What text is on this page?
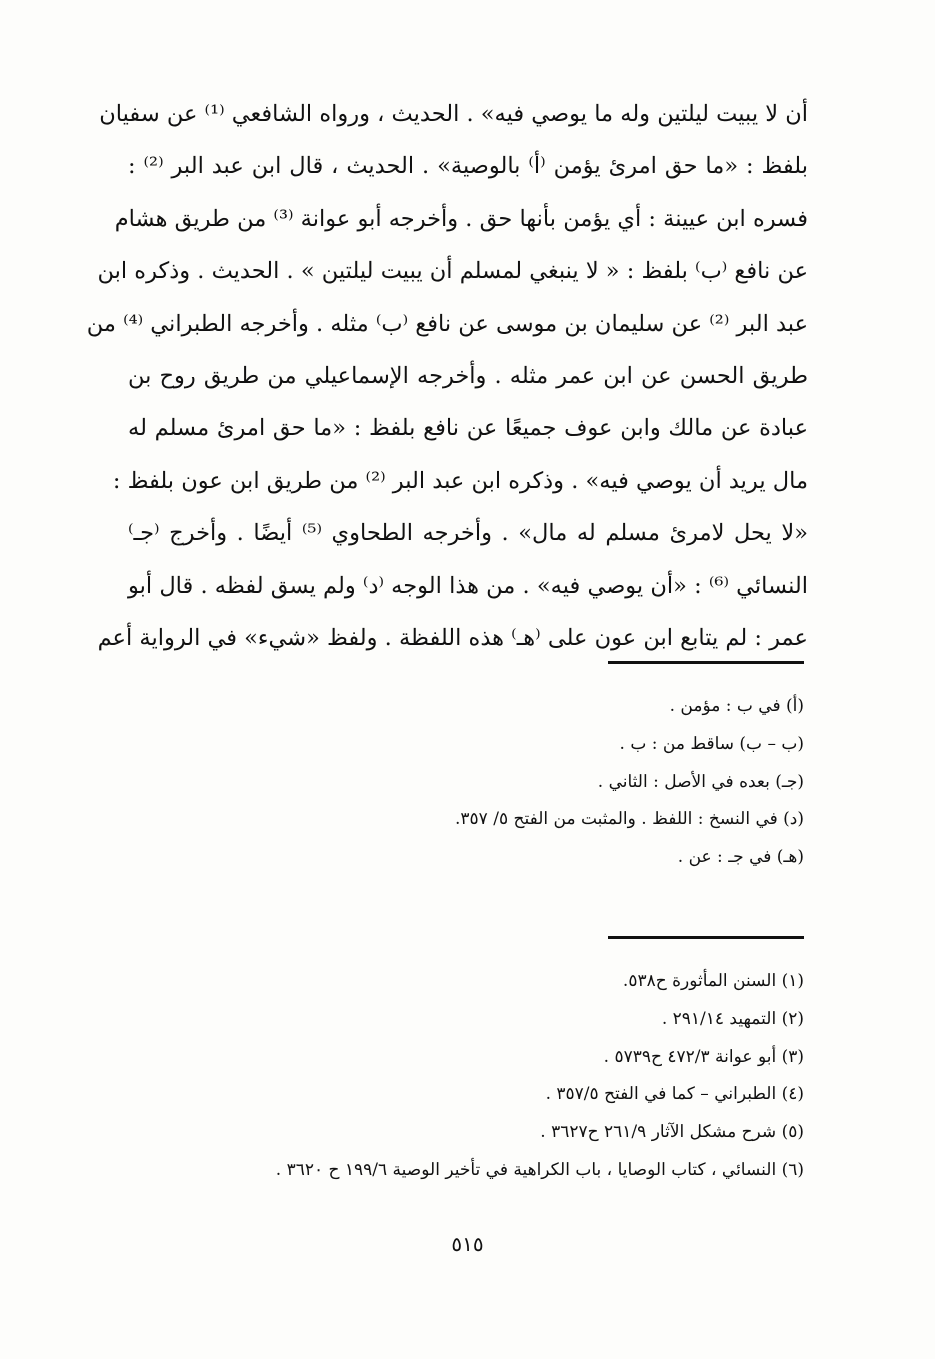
أن لا يبيت ليلتين وله ما يوصي فيه» . الحديث ، ورواه الشافعي ⁽¹⁾ عن سفيان
بلفظ : «ما حق امرئ يؤمن ⁽أ⁾ بالوصية» . الحديث ، قال ابن عبد البر ⁽²⁾ :
فسره ابن عيينة : أي يؤمن بأنها حق . وأخرجه أبو عوانة ⁽³⁾ من طريق هشام
عن نافع ⁽ب⁾ بلفظ : « لا ينبغي لمسلم أن يبيت ليلتين » . الحديث . وذكره ابن
عبد البر ⁽²⁾ عن سليمان بن موسى عن نافع ⁽ب⁾ مثله . وأخرجه الطبراني ⁽⁴⁾ من
طريق الحسن عن ابن عمر مثله . وأخرجه الإسماعيلي من طريق روح بن
عبادة عن مالك وابن عوف جميعًا عن نافع بلفظ : «ما حق امرئ مسلم له
مال يريد أن يوصي فيه» . وذكره ابن عبد البر ⁽²⁾ من طريق ابن عون بلفظ :
«لا يحل لامرئ مسلم له مال» . وأخرجه الطحاوي ⁽⁵⁾ أيضًا . وأخرج ⁽جـ⁾
النسائي ⁽⁶⁾ : «أن يوصي فيه» . من هذا الوجه ⁽د⁾ ولم يسق لفظه . قال أبو
عمر : لم يتابع ابن عون على ⁽هـ⁾ هذه اللفظة . ولفظ «شيء» في الرواية أعم
(أ) في ب : مؤمن .
(ب – ب) ساقط من : ب .
(جـ) بعده في الأصل : الثاني .
(د) في النسخ : اللفظ . والمثبت من الفتح ٥/ ٣٥٧.
(هـ) في جـ : عن .
(١) السنن المأثورة ح٥٣٨.
(٢) التمهيد ٢٩١/١٤ .
(٣) أبو عوانة ٤٧٢/٣ ح٥٧٣٩ .
(٤) الطبراني – كما في الفتح ٣٥٧/٥ .
(٥) شرح مشكل الآثار ٢٦١/٩ ح٣٦٢٧ .
(٦) النسائي ، كتاب الوصايا ، باب الكراهية في تأخير الوصية ١٩٩/٦ ح ٣٦٢٠ .
٥١٥
